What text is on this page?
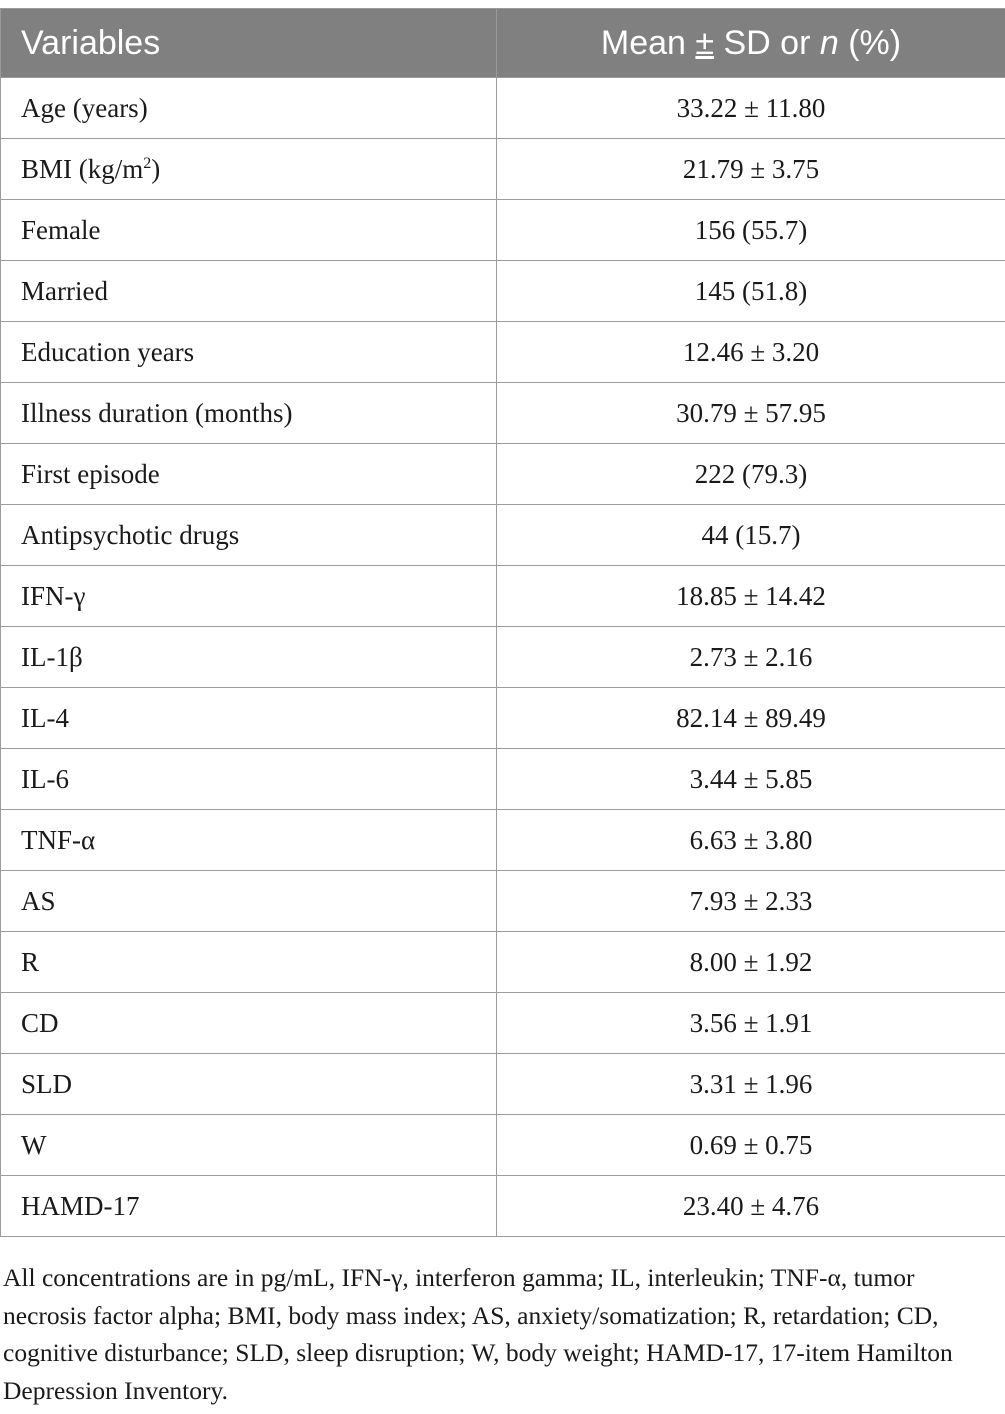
Variables	Mean ± SD or n (%)
Age (years)	33.22 ± 11.80
BMI $(kg/m^2)$	21.79 ± 3.75
Female	156 (55.7)
Married	145 (51.8)
Education years	12.46 ± 3.20
Illness duration (months)	30.79 ± 57.95
First episode	222 (79.3)
Antipsychotic drugs	44 (15.7)
IFN-γ	18.85 ± 14.42
IL-1β	2.73 ± 2.16
IL-4	82.14 ± 89.49
IL-6	3.44 ± 5.85
TNF-α	6.63 ± 3.80
AS	7.93 ± 2.33
R	8.00 ± 1.92
CD	3.56 ± 1.91
SLD	3.31 ± 1.96
W	0.69 ± 0.75
HAMD-17	23.40 ± 4.76
All concentrations are in pg/mL, IFN-γ, interferon gamma; IL, interleukin; TNF-α, tumor necrosis factor alpha; BMI, body mass index; AS, anxiety/somatization; R, retardation; CD, cognitive disturbance; SLD, sleep disruption; W, body weight; HAMD-17, 17-item Hamilton Depression Inventory.
